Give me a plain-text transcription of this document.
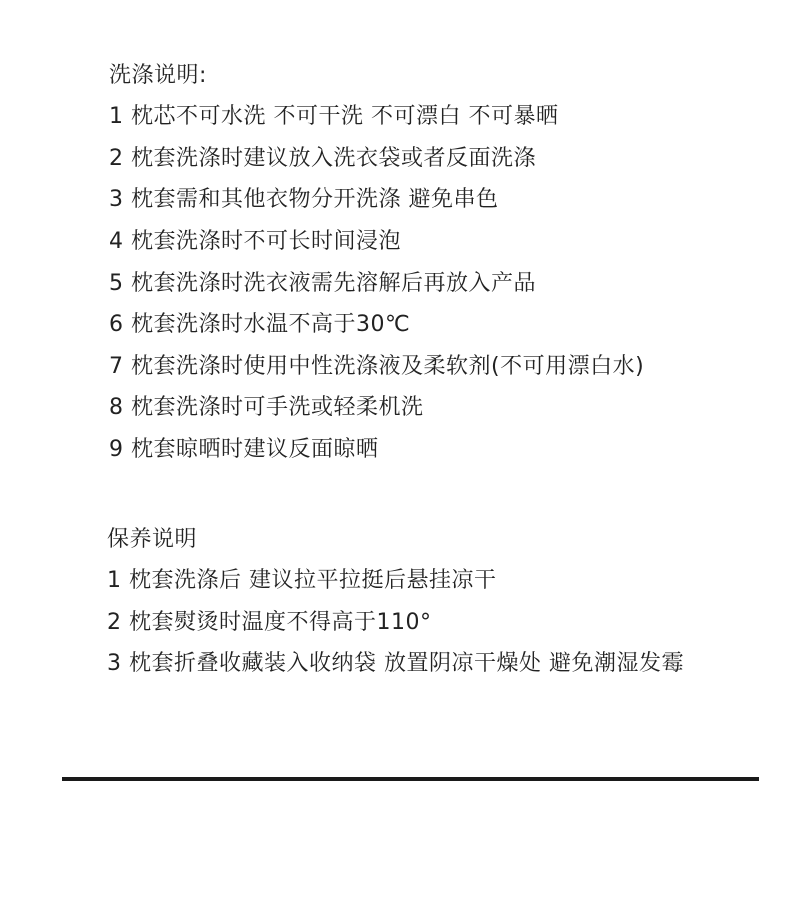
洗涤说明:
1 枕芯不可水洗 不可干洗 不可漂白 不可暴晒
2 枕套洗涤时建议放入洗衣袋或者反面洗涤
3 枕套需和其他衣物分开洗涤 避免串色
4 枕套洗涤时不可长时间浸泡
5 枕套洗涤时洗衣液需先溶解后再放入产品
6 枕套洗涤时水温不高于30℃
7 枕套洗涤时使用中性洗涤液及柔软剂(不可用漂白水)
8 枕套洗涤时可手洗或轻柔机洗
9 枕套晾晒时建议反面晾晒
保养说明
1 枕套洗涤后 建议拉平拉挺后悬挂凉干
2 枕套熨烫时温度不得高于110°
3 枕套折叠收藏装入收纳袋 放置阴凉干燥处 避免潮湿发霉
